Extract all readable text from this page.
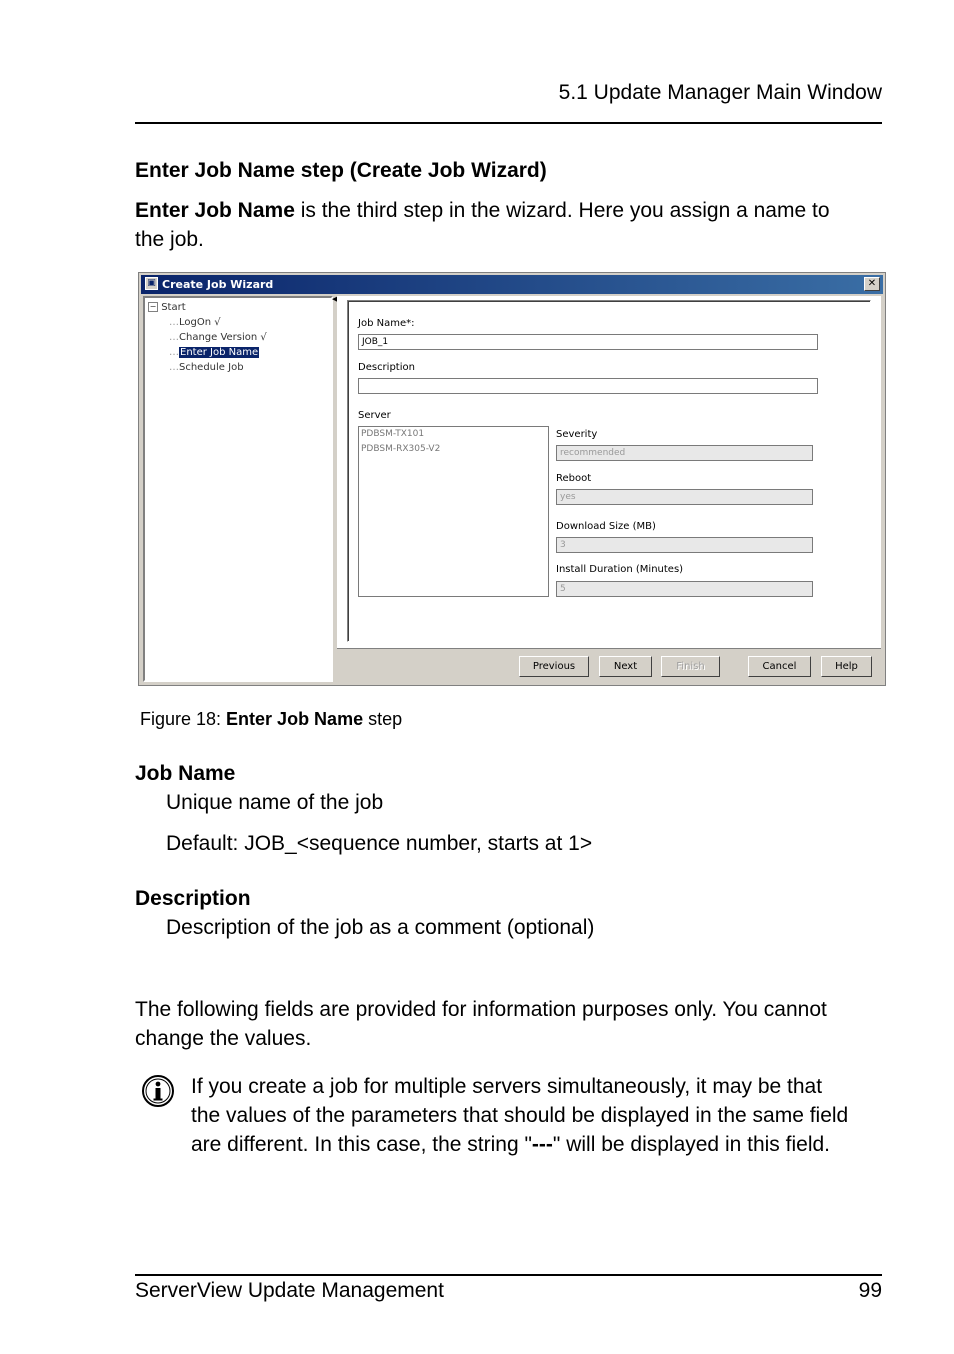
5.1 Update Manager Main Window
Enter Job Name step (Create Job Wizard)
Enter Job Name is the third step in the wizard. Here you assign a name to
the job.
▣ Create Job Wizard	✕
− Start
…LogOn √
…Change Version √
…Enter Job Name
…Schedule Job
◀
Job Name*:
JOB_1
Description
Server
PDBSM-TX101
PDBSM-RX305-V2
Severity
recommended
Reboot
yes
Download Size (MB)
3
Install Duration (Minutes)
5
Previous	Next	Finish	Cancel	Help
Figure 18: Enter Job Name step
Job Name
Unique name of the job
Default: JOB_<sequence number, starts at 1>
Description
Description of the job as a comment (optional)
The following fields are provided for information purposes only. You cannot
change the values.
If you create a job for multiple servers simultaneously, it may be that
the values of the parameters that should be displayed in the same field
are different. In this case, the string "---" will be displayed in this field.
ServerView Update Management	99
